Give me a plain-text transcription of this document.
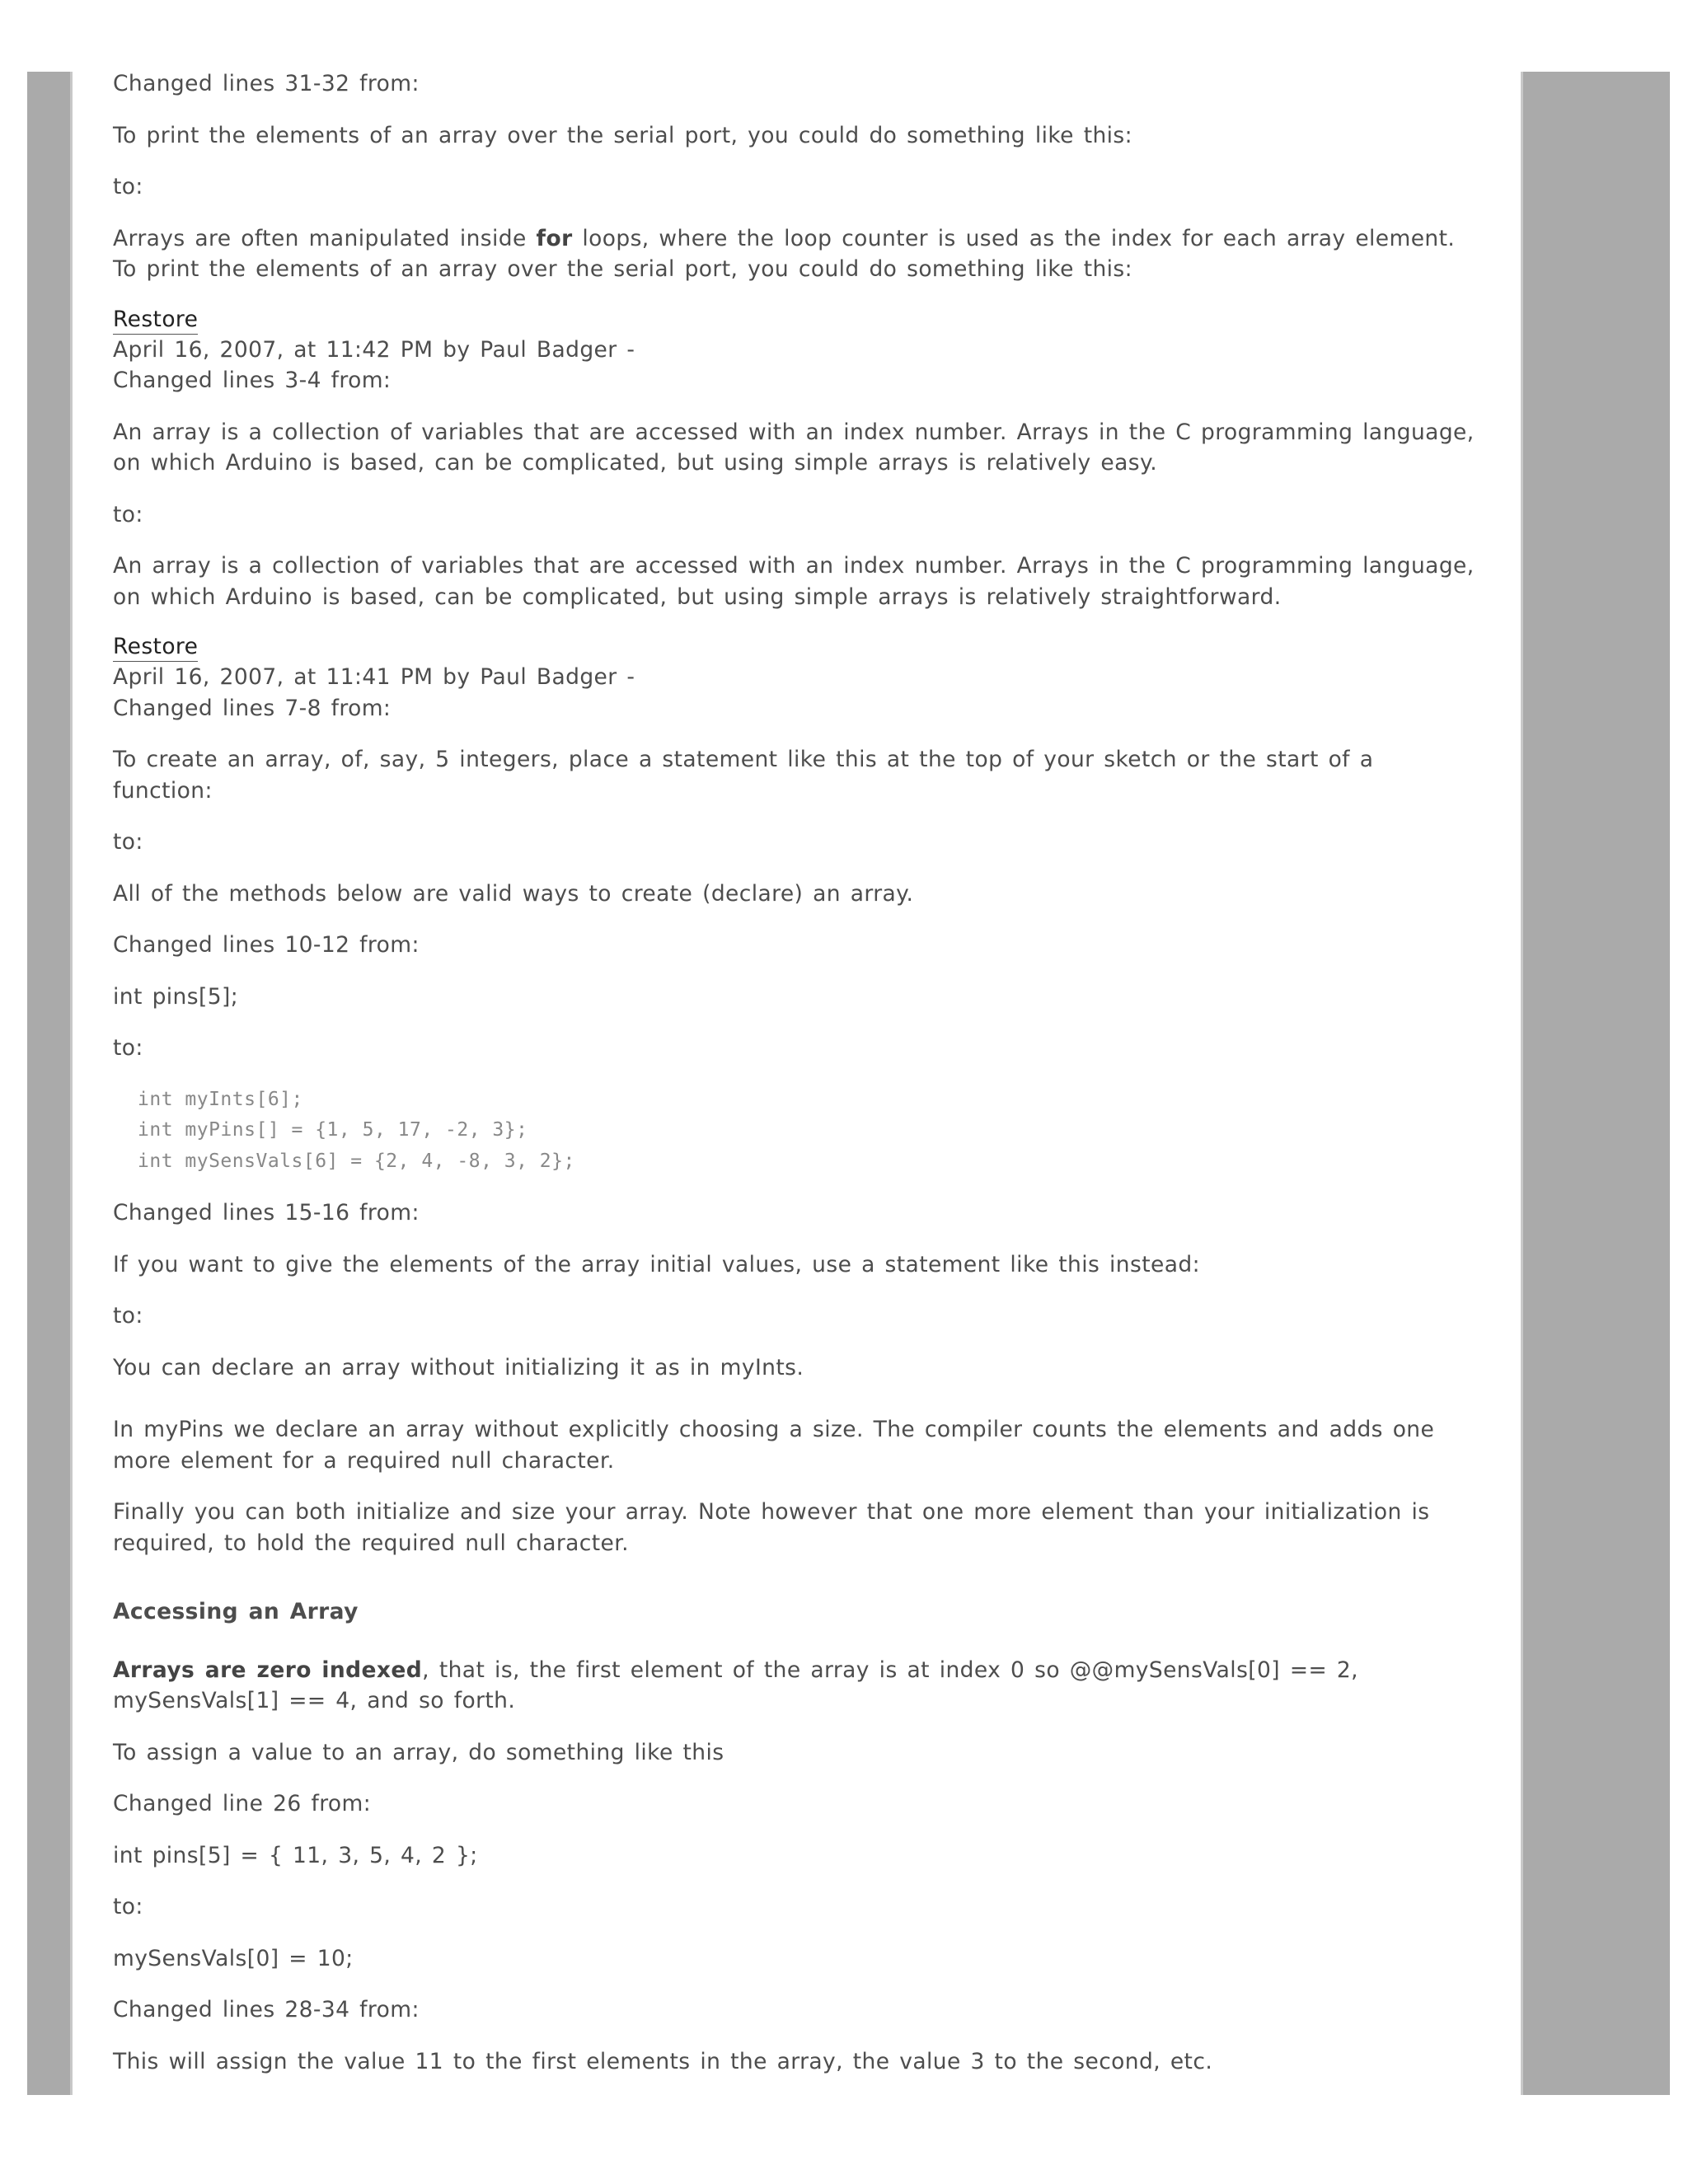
Changed lines 31-32 from:

To print the elements of an array over the serial port, you could do something like this:

to:

Arrays are often manipulated inside for loops, where the loop counter is used as the index for each array element. To print the elements of an array over the serial port, you could do something like this:

Restore

April 16, 2007, at 11:42 PM by Paul Badger -

Changed lines 3-4 from:

An array is a collection of variables that are accessed with an index number. Arrays in the C programming language, on which Arduino is based, can be complicated, but using simple arrays is relatively easy.

to:

An array is a collection of variables that are accessed with an index number. Arrays in the C programming language, on which Arduino is based, can be complicated, but using simple arrays is relatively straightforward.

Restore

April 16, 2007, at 11:41 PM by Paul Badger -

Changed lines 7-8 from:

To create an array, of, say, 5 integers, place a statement like this at the top of your sketch or the start of a function:

to:

All of the methods below are valid ways to create (declare) an array.

Changed lines 10-12 from:

int pins[5];

to:

int myInts[6];
int myPins[] = {1, 5, 17, -2, 3};
int mySensVals[6] = {2, 4, -8, 3, 2};

Changed lines 15-16 from:

If you want to give the elements of the array initial values, use a statement like this instead:

to:

You can declare an array without initializing it as in myInts.

In myPins we declare an array without explicitly choosing a size. The compiler counts the elements and adds one more element for a required null character.

Finally you can both initialize and size your array. Note however that one more element than your initialization is required, to hold the required null character.

Accessing an Array

Arrays are zero indexed, that is, the first element of the array is at index 0 so @@mySensVals[0] == 2, mySensVals[1] == 4, and so forth.

To assign a value to an array, do something like this

Changed line 26 from:

int pins[5] = { 11, 3, 5, 4, 2 };

to:

mySensVals[0] = 10;

Changed lines 28-34 from:

This will assign the value 11 to the first elements in the array, the value 3 to the second, etc.
